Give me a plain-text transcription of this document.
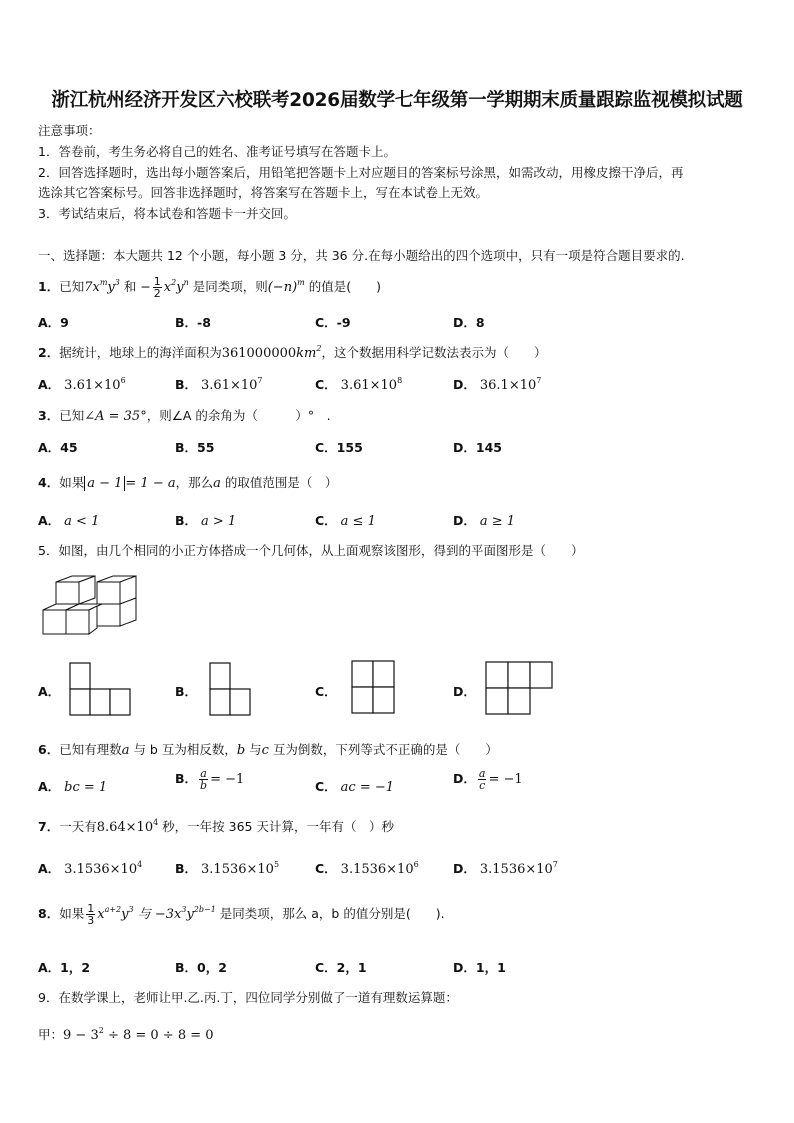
浙江杭州经济开发区六校联考2026届数学七年级第一学期期末质量跟踪监视模拟试题
注意事项：
1．答卷前，考生务必将自己的姓名、准考证号填写在答题卡上。
2．回答选择题时，选出每小题答案后，用铅笔把答题卡上对应题目的答案标号涂黑，如需改动，用橡皮擦干净后，再
选涂其它答案标号。回答非选择题时，将答案写在答题卡上，写在本试卷上无效。
3．考试结束后，将本试卷和答题卡一并交回。
一、选择题：本大题共 12 个小题，每小题 3 分，共 36 分.在每小题给出的四个选项中，只有一项是符合题目要求的.
1．已知$7x^my^3$ 和 − $\frac{1}{2} x^2y^n$ 是同类项，则$(-n)^m$ 的值是(　　)
A．9	B．-8	C．-9	D．8
2．据统计，地球上的海洋面积为$361000000km^2$，这个数据用科学记数法表示为（　　）
A． $3.61\times 10^6$	B． $3.61\times 10^7$	C． $3.61\times 10^8$	D． $36.1\times 10^7$
3．已知∠A = 35°，则∠A 的余角为（　　　）°　.
A．45	B．55	C．155	D．145
4．如果 a − 1 = 1 − a，那么a 的取值范围是（　）
A． a < 1	B． a > 1	C． a ≤ 1	D． a ≥ 1
5．如图，由几个相同的小正方体搭成一个几何体，从上面观察该图形，得到的平面图形是（　　）
A．	B．	C．	D．
6．已知有理数a 与 b 互为相反数，b 与c 互为倒数，下列等式不正确的是（　　）
A． bc = 1
B． $\frac{a}{b} = -1$	C． ac = −1
D． $\frac{a}{c} = -1$
7．一天有$8.64\times 10^4$ 秒，一年按 365 天计算，一年有（　）秒
A． $3.1536\times 10^4$	B． $3.1536\times 10^5$	C． $3.1536\times 10^6$	D． $3.1536\times 10^7$
8．如果 $\frac{1}{3} x^{a+2}y^3$ 与 $-3x^3y^{2b-1}$ 是同类项，那么 a，b 的值分别是(　　).
A．1，2	B．0，2	C．2，1	D．1，1
9．在数学课上，老师让甲.乙.丙.丁，四位同学分别做了一道有理数运算题：
甲：$9 - 3^2 \div 8 = 0 \div 8 = 0$
